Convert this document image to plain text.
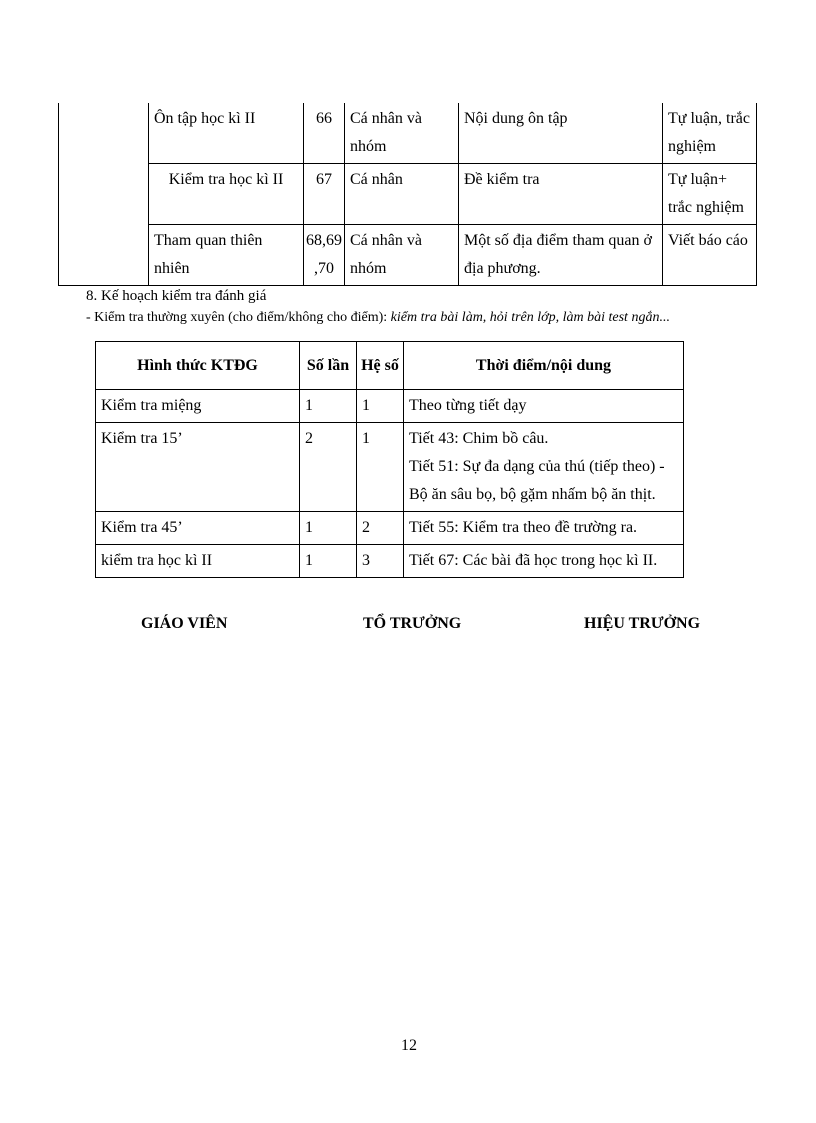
	Ôn tập học kì II	66	Cá nhân và nhóm	Nội dung ôn tập	Tự luận, trắc nghiệm
	Kiểm tra học kì II	67	Cá nhân	Đề kiểm tra	Tự luận+ trắc nghiệm
	Tham quan thiên nhiên	68,69 ,70	Cá nhân và nhóm	Một số địa điểm tham quan ở địa phương.	Viết báo cáo
8. Kế hoạch kiểm tra đánh giá
- Kiểm tra thường xuyên (cho điểm/không cho điểm): kiểm tra bài làm, hỏi trên lớp, làm bài test ngắn...
Hình thức KTĐG	Số lần	Hệ số	Thời điểm/nội dung
Kiểm tra miệng	1	1	Theo từng tiết dạy

Kiểm tra 15’	2	1	Tiết 43: Chim bồ câu.
Tiết 51: Sự đa dạng của thú (tiếp theo) - Bộ ăn sâu bọ, bộ gặm nhấm bộ ăn thịt.

Kiểm tra 45’	1	2	Tiết 55: Kiểm tra theo đề trường ra.

kiểm tra học kì II	1	3	Tiết 67: Các bài đã học trong học kì II.
GIÁO VIÊN	TỔ TRƯỞNG	HIỆU TRƯỞNG
12
